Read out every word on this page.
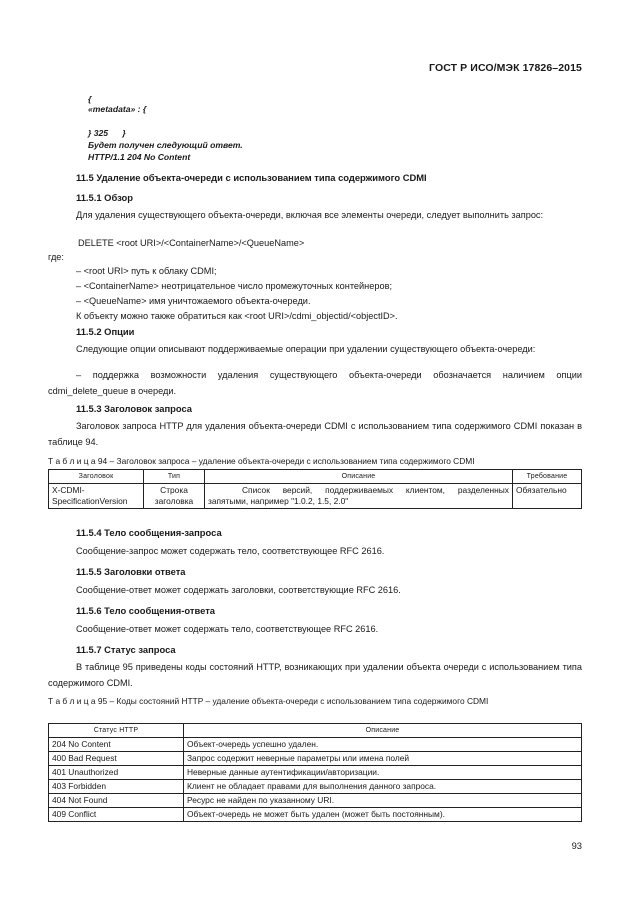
ГОСТ Р ИСО/МЭК 17826–2015
{
«metadata» : {
} 325      }
Будет получен следующий ответ.
HTTP/1.1 204 No Content
11.5 Удаление объекта-очереди с использованием типа содержимого CDMI
11.5.1 Обзор
Для удаления существующего объекта-очереди, включая все элементы очереди, следует выполнить запрос:
DELETE <root URI>/<ContainerName>/<QueueName>
где:
– <root URI> путь к облаку CDMI;
– <ContainerName> неотрицательное число промежуточных контейнеров;
– <QueueName> имя уничтожаемого объекта-очереди.
К объекту можно также обратиться как <root URI>/cdmi_objectid/<objectID>.
11.5.2 Опции
Следующие опции описывают поддерживаемые операции при удалении существующего объекта-очереди:
– поддержка возможности удаления существующего объекта-очереди обозначается наличием опции cdmi_delete_queue в очереди.
11.5.3 Заголовок запроса
Заголовок запроса HTTP для удаления объекта-очереди CDMI с использованием типа содержимого CDMI показан в таблице 94.
Т а б л и ц а 94 – Заголовок запроса – удаление объекта-очереди с использованием типа содержимого CDMI
Заголовок	Тип	Описание	Требование
X-CDMI-SpecificationVersion	Строка заголовка	Список версий, поддерживаемых клиентом, разделенных запятыми, например "1.0.2, 1.5, 2.0"	Обязательно
11.5.4 Тело сообщения-запроса
Сообщение-запрос может содержать тело, соответствующее RFC 2616.
11.5.5 Заголовки ответа
Сообщение-ответ может содержать заголовки, соответствующие RFC 2616.
11.5.6 Тело сообщения-ответа
Сообщение-ответ может содержать тело, соответствующее RFC 2616.
11.5.7 Статус запроса
В таблице 95 приведены коды состояний HTTP, возникающих при удалении объекта очереди с использованием типа содержимого CDMI.
Т а б л и ц а 95 – Коды состояний HTTP – удаление объекта-очереди с использованием типа содержимого CDMI
Статус HTTP	Описание
204 No Content	Объект-очередь успешно удален.
400 Bad Request	Запрос содержит неверные параметры или имена полей
401 Unauthorized	Неверные данные аутентификации/авторизации.
403 Forbidden	Клиент не обладает правами для выполнения данного запроса.
404 Not Found	Ресурс не найден по указанному URI.
409 Conflict	Объект-очередь не может быть удален (может быть постоянным).
93
